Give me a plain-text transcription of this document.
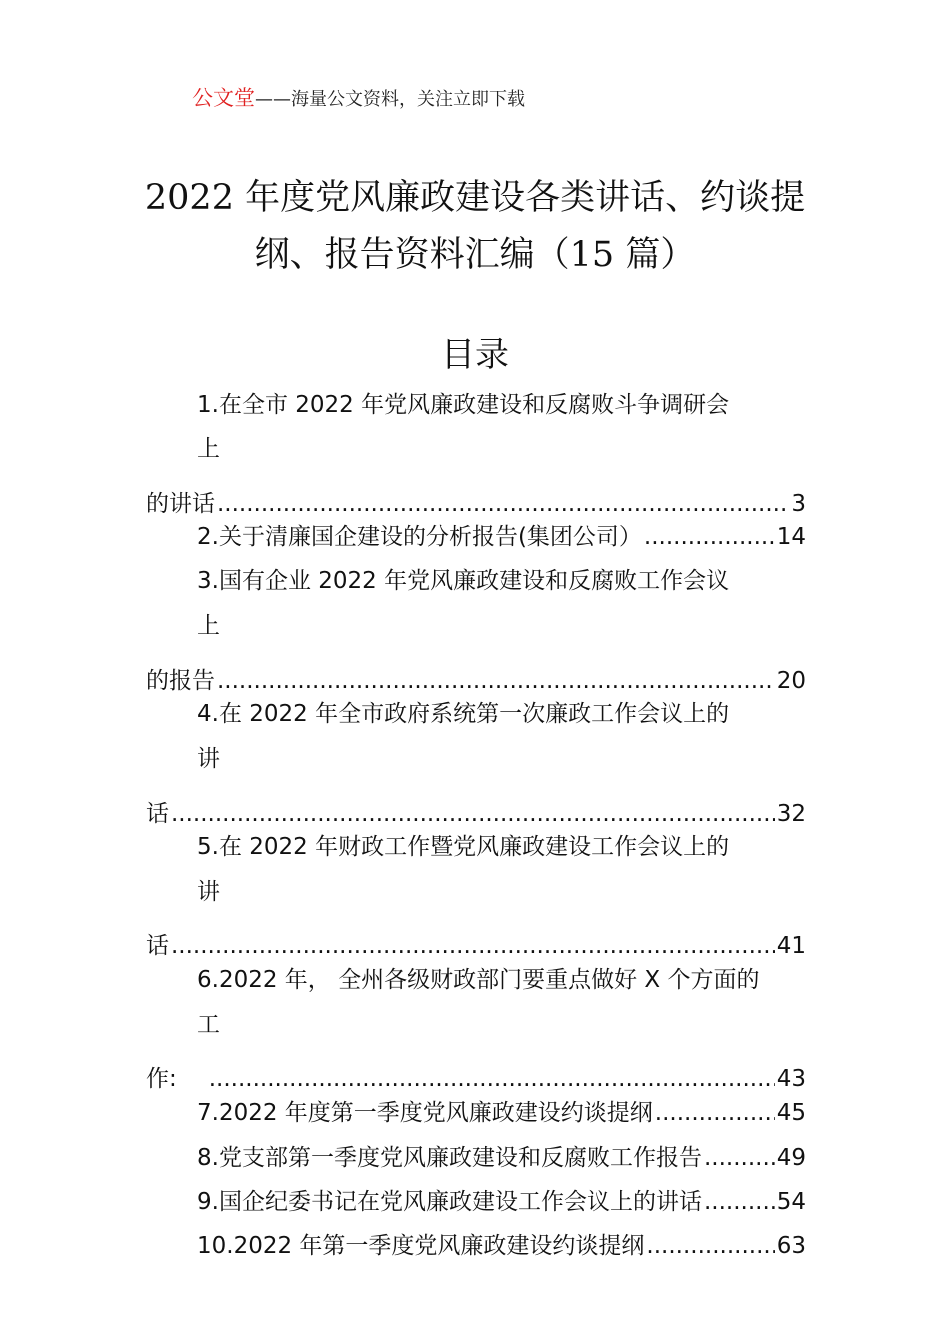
公文堂——海量公文资料，关注立即下载
2022 年度党风廉政建设各类讲话、约谈提
纲、报告资料汇编（15 篇）
目录
1.在全市 2022 年党风廉政建设和反腐败斗争调研会
上
的讲话 .....	3
2.关于清廉国企建设的分析报告(集团公司） .....	14
3.国有企业 2022 年党风廉政建设和反腐败工作会议
上
的报告 .....	20
4.在 2022 年全市政府系统第一次廉政工作会议上的
讲
话 .....	32
5.在 2022 年财政工作暨党风廉政建设工作会议上的
讲
话 .....	41
6.2022 年， 全州各级财政部门要重点做好 X 个方面的
工
作: .....	43
7.2022 年度第一季度党风廉政建设约谈提纲 .....	45
8.党支部第一季度党风廉政建设和反腐败工作报告 .....	49
9.国企纪委书记在党风廉政建设工作会议上的讲话 .....	54
10.2022 年第一季度党风廉政建设约谈提纲 .....	63
